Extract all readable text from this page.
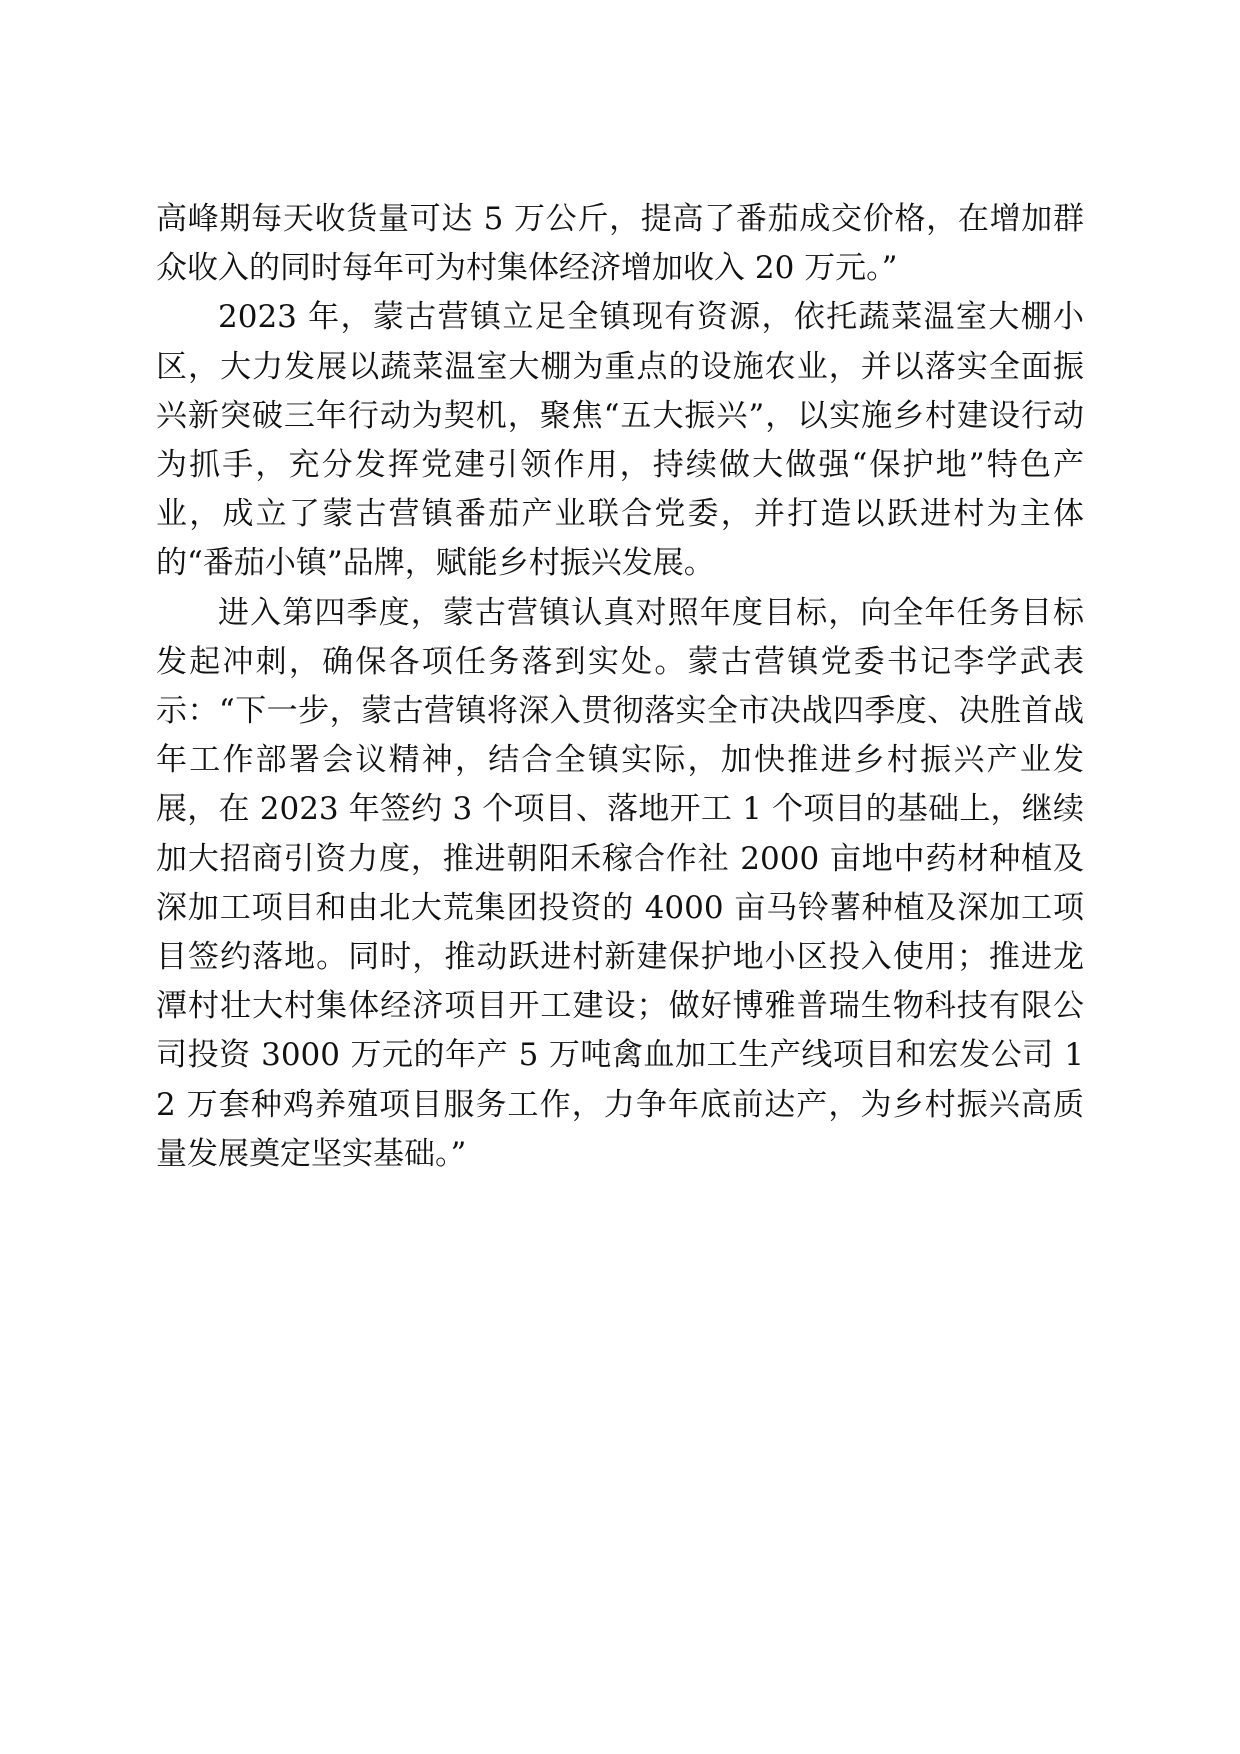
高峰期每天收货量可达 5 万公斤，提高了番茄成交价格，在增加群众收入的同时每年可为村集体经济增加收入 20 万元。”

2023 年，蒙古营镇立足全镇现有资源，依托蔬菜温室大棚小区，大力发展以蔬菜温室大棚为重点的设施农业，并以落实全面振兴新突破三年行动为契机，聚焦“五大振兴”，以实施乡村建设行动为抓手，充分发挥党建引领作用，持续做大做强“保护地”特色产业，成立了蒙古营镇番茄产业联合党委，并打造以跃进村为主体的“番茄小镇”品牌，赋能乡村振兴发展。

进入第四季度，蒙古营镇认真对照年度目标，向全年任务目标发起冲刺，确保各项任务落到实处。蒙古营镇党委书记李学武表示：“下一步，蒙古营镇将深入贯彻落实全市决战四季度、决胜首战年工作部署会议精神，结合全镇实际，加快推进乡村振兴产业发展，在 2023 年签约 3 个项目、落地开工 1 个项目的基础上，继续加大招商引资力度，推进朝阳禾稼合作社 2000 亩地中药材种植及深加工项目和由北大荒集团投资的 4000 亩马铃薯种植及深加工项目签约落地。同时，推动跃进村新建保护地小区投入使用；推进龙潭村壮大村集体经济项目开工建设；做好博雅普瑞生物科技有限公司投资 3000 万元的年产 5 万吨禽血加工生产线项目和宏发公司 12 万套种鸡养殖项目服务工作，力争年底前达产，为乡村振兴高质量发展奠定坚实基础。”
